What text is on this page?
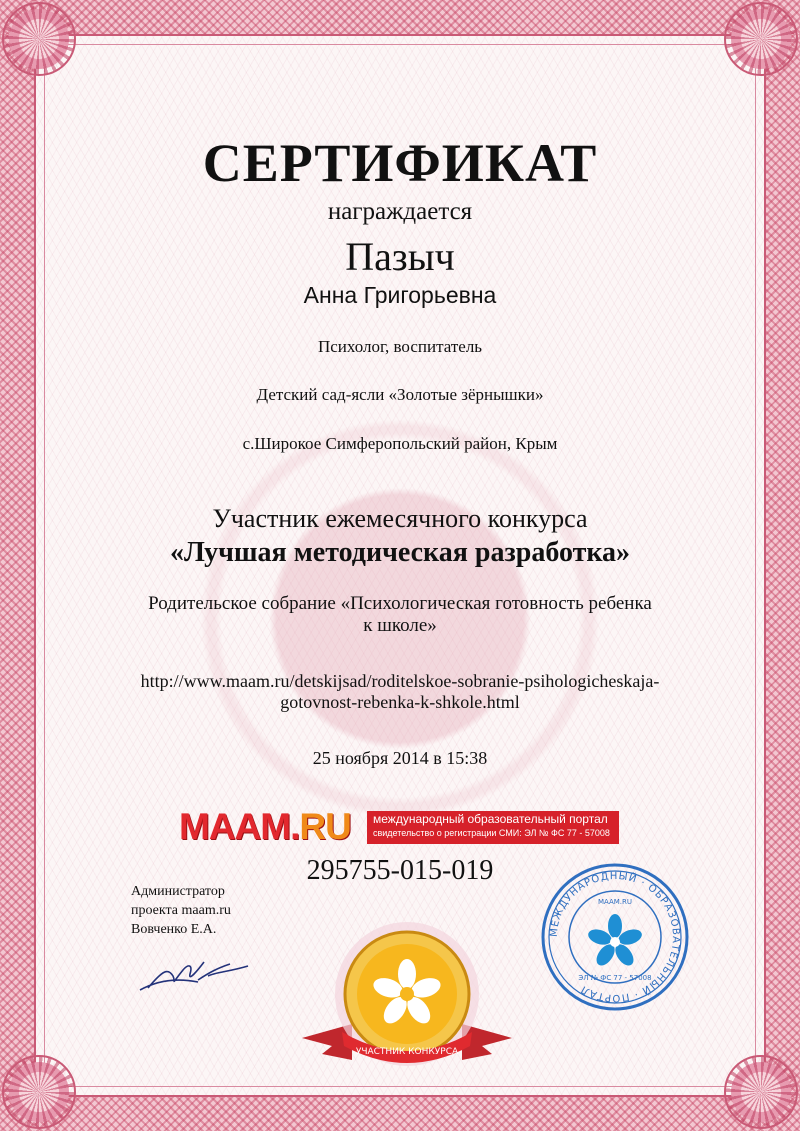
СЕРТИФИКАТ
награждается
Пазыч
Анна Григорьевна
Психолог, воспитатель
Детский сад-ясли «Золотые зёрнышки»
с.Широкое Симферопольский район, Крым
Участник ежемесячного конкурса
«Лучшая методическая разработка»
Родительское собрание «Психологическая готовность ребенка
к школе»
http://www.maam.ru/detskijsad/roditelskoe-sobranie-psihologicheskaja-
gotovnost-rebenka-k-shkole.html
25 ноября 2014 в 15:38
MAAM.RU международный образовательный портал
свидетельство о регистрации СМИ: ЭЛ № ФС 77 - 57008
295755-015-019
Администратор
проекта maam.ru
Вовченко Е.А.	МЕЖДУНАРОДНЫЙ · ОБРАЗОВАТЕЛЬНЫЙ · ПОРТАЛ
MAAM.RU
ЭЛ № ФС 77 - 57008
УЧАСТНИК КОНКУРСА
